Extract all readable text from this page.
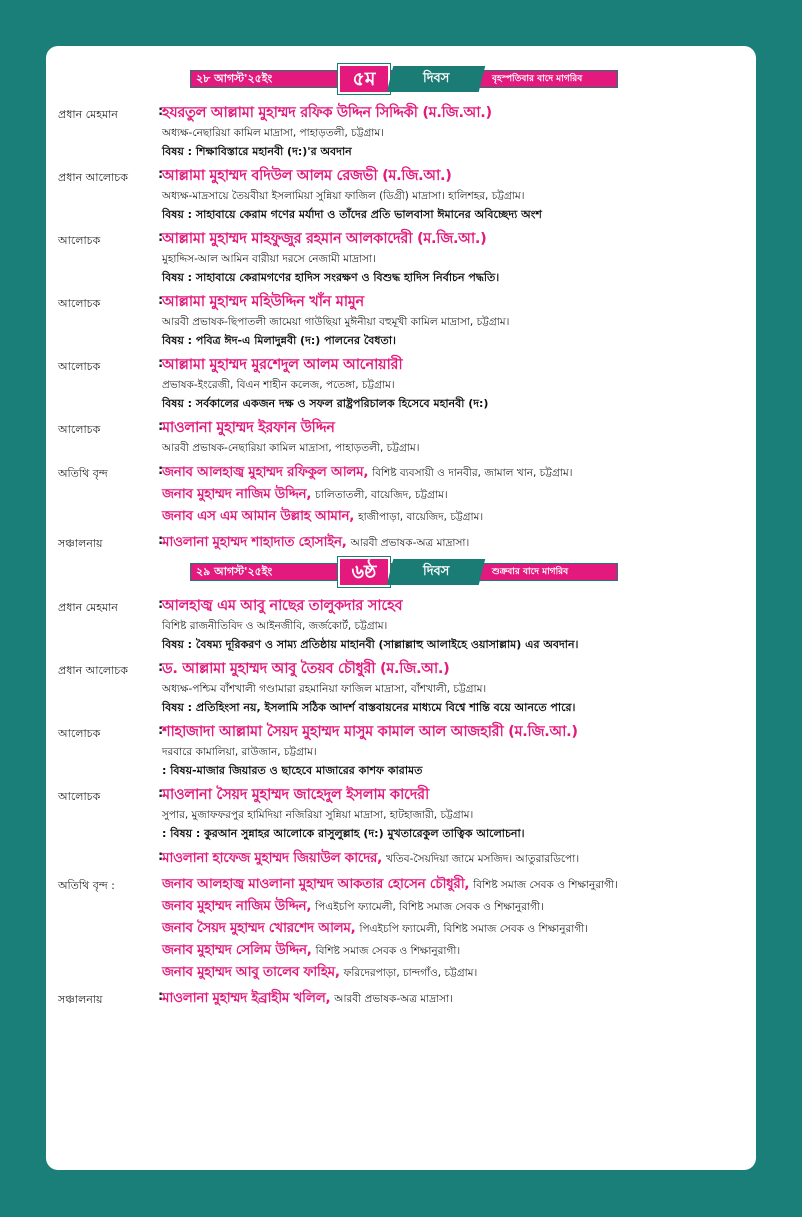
২৮ আগস্ট'২৫ইং	৫ম	দিবস	বৃহস্পতিবার বাদে মাগরিব
প্রধান মেহমান	:
হযরতুল আল্লামা মুহাম্মদ রফিক উদ্দিন সিদ্দিকী (ম.জি.আ.)
অধ্যক্ষ-নেছারিয়া কামিল মাদ্রাসা, পাহাড়তলী, চট্টগ্রাম।
বিষয় : শিক্ষাবিস্তারে মহানবী (দ:)'র অবদান
প্রধান আলোচক	:
আল্লামা মুহাম্মদ বদিউল আলম রেজভী (ম.জি.আ.)
অধ্যক্ষ-মাদ্রসায়ে তৈয়বীয়া ইসলামিয়া সুন্নিয়া ফাজিল (ডিগ্রী) মাদ্রাসা। হালিশহর, চট্টগ্রাম।
বিষয় : সাহাবায়ে কেরাম গণের মর্যাদা ও তাঁদের প্রতি ভালবাসা ঈমানের অবিচ্ছেদ্য অংশ
আলোচক	:
আল্লামা মুহাম্মদ মাহফুজুর রহমান আলকাদেরী (ম.জি.আ.)
মুহাদ্দিস-আল আমিন বারীয়া দরসে নেজামী মাদ্রাসা।
বিষয় : সাহাবায়ে কেরামগণের হাদিস সংরক্ষণ ও বিশুদ্ধ হাদিস নির্বাচন পদ্ধতি।
আলোচক	:
আল্লামা মুহাম্মদ মহিউদ্দিন খাঁন মামুন
আরবী প্রভাষক-ছিপাতলী জামেয়া গাউছিয়া মুঈনীয়া বহুমূখী কামিল মাদ্রাসা, চট্টগ্রাম।
বিষয় : পবিত্র ঈদ-এ মিলাদুন্নবী (দ:) পালনের বৈধতা।
আলোচক	:
আল্লামা মুহাম্মদ মুরশেদুল আলম আনোয়ারী
প্রভাষক-ইংরেজী, বিএন শাহীন কলেজ, পতেঙ্গা, চট্টগ্রাম।
বিষয় : সর্বকালের একজন দক্ষ ও সফল রাষ্ট্রপরিচালক হিসেবে মহানবী (দ:)
আলোচক	:
মাওলানা মুহাম্মদ ইরফান উদ্দিন
আরবী প্রভাষক-নেছারিয়া কামিল মাদ্রাসা, পাহাড়তলী, চট্টগ্রাম।
অতিথি বৃন্দ	:
জনাব আলহাজ্ব মুহাম্মদ রফিকুল আলম, বিশিষ্ট ব্যবসায়ী ও দানবীর, জামাল খান, চট্টগ্রাম।
জনাব মুহাম্মদ নাজিম উদ্দিন, চালিতাতলী, বায়েজিদ, চট্টগ্রাম।
জনাব এস এম আমান উল্লাহ আমান, হাজীপাড়া, বায়েজিদ, চট্টগ্রাম।
সঞ্চালনায়	:
মাওলানা মুহাম্মদ শাহাদাত হোসাইন, আরবী প্রভাষক-অত্র মাদ্রাসা।
২৯ আগস্ট'২৫ইং	৬ষ্ঠ	দিবস	শুক্রবার বাদে মাগরিব
প্রধান মেহমান	:
আলহাজ্ব এম আবু নাছের তালুকদার সাহেব
বিশিষ্ট রাজনীতিবিদ ও আইনজীবি, জর্জকোর্ট, চট্টগ্রাম।
বিষয় : বৈষম্য দূরিকরণ ও সাম্য প্রতিষ্ঠায় মাহানবী (সাল্লাল্লাহু আলাইহে ওয়াসাল্লাম) এর অবদান।
প্রধান আলোচক	:
ড. আল্লামা মুহাম্মদ আবু তৈয়ব চৌধুরী (ম.জি.আ.)
অধ্যক্ষ-পশ্চিম বাঁশখালী গণ্ডামারা রহমানিয়া ফাজিল মাদ্রাসা, বাঁশখালী, চট্টগ্রাম।
বিষয় : প্রতিহিংসা নয়, ইসলামি সঠিক আদর্শ বাস্তবায়নের মাধ্যমে বিশ্বে শান্তি বয়ে আনতে পারে।
আলোচক	:
শাহাজাদা আল্লামা সৈয়দ মুহাম্মদ মাসুম কামাল আল আজহারী (ম.জি.আ.)
দরবারে কামালিয়া, রাউজান, চট্টগ্রাম।
: বিষয়-মাজার জিয়ারত ও ছাহেবে মাজারের কাশফ কারামত
আলোচক	:
মাওলানা সৈয়দ মুহাম্মদ জাহেদুল ইসলাম কাদেরী
সুপার, মুজাফফরপুর হামিদিয়া নজিরিয়া সুন্নিয়া মাদ্রাসা, হাটহাজারী, চট্টগ্রাম।
: বিষয় : কুরআন সুন্নাহর আলোকে রাসুলুল্লাহ (দ:) মুখতারেকুল তাত্বিক আলোচনা।
:
মাওলানা হাফেজ মুহাম্মদ জিয়াউল কাদের, খতিব-সৈয়দিয়া জামে মসজিদ। আতুরারডিপো।
অতিথি বৃন্দ :	জনাব আলহাজ্ব মাওলানা মুহাম্মদ আকতার হোসেন চৌধুরী, বিশিষ্ট সমাজ সেবক ও শিক্ষানুরাগী।
জনাব মুহাম্মদ নাজিম উদ্দিন, পিএইচপি ফ্যামেলী, বিশিষ্ট সমাজ সেবক ও শিক্ষানুরাগী।
জনাব সৈয়দ মুহাম্মদ খোরশেদ আলম, পিএইচপি ফ্যামেলী, বিশিষ্ট সমাজ সেবক ও শিক্ষানুরাগী।
জনাব মুহাম্মদ সেলিম উদ্দিন, বিশিষ্ট সমাজ সেবক ও শিক্ষানুরাগী।
জনাব মুহাম্মদ আবু তালেব ফাহিম, ফরিদেরপাড়া, চান্দগাঁও, চট্টগ্রাম।
সঞ্চালনায়	:
মাওলানা মুহাম্মদ ইব্রাহীম খলিল, আরবী প্রভাষক-অত্র মাদ্রাসা।
